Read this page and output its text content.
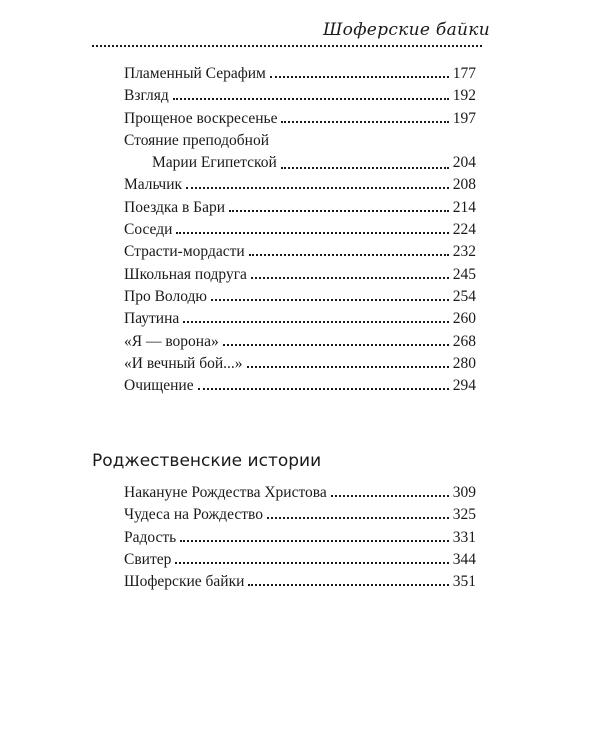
Шоферские байки
Пламенный Серафим	177
Взгляд	192
Прощеное воскресенье	197
Стояние преподобной
Марии Египетской	204
Мальчик	208
Поездка в Бари	214
Соседи	224
Страсти-мордасти	232
Школьная подруга	245
Про Володю	254
Паутина	260
«Я — ворона»	268
«И вечный бой...»	280
Очищение	294
Роджественские истории
Накануне Рождества Христова	309
Чудеса на Рождество	325
Радость	331
Свитер	344
Шоферские байки	351
